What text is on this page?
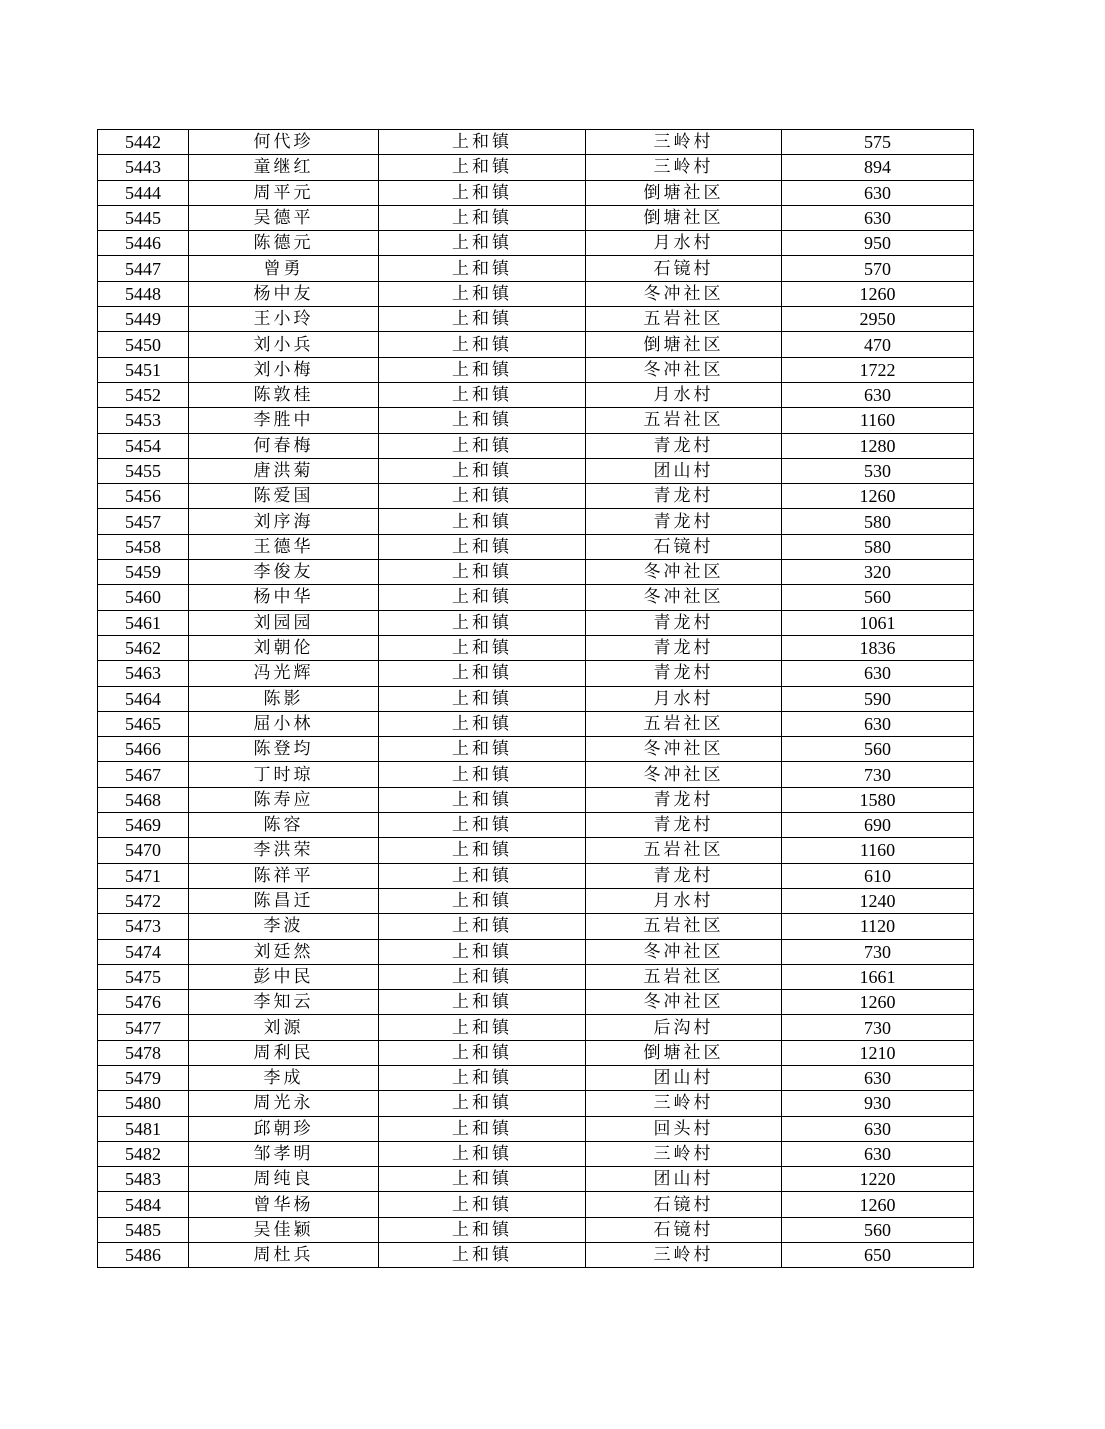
5442	何代珍	上和镇	三岭村	575
5443	童继红	上和镇	三岭村	894
5444	周平元	上和镇	倒塘社区	630
5445	吴德平	上和镇	倒塘社区	630
5446	陈德元	上和镇	月水村	950
5447	曾勇	上和镇	石镜村	570
5448	杨中友	上和镇	冬冲社区	1260
5449	王小玲	上和镇	五岩社区	2950
5450	刘小兵	上和镇	倒塘社区	470
5451	刘小梅	上和镇	冬冲社区	1722
5452	陈敦桂	上和镇	月水村	630
5453	李胜中	上和镇	五岩社区	1160
5454	何春梅	上和镇	青龙村	1280
5455	唐洪菊	上和镇	团山村	530
5456	陈爱国	上和镇	青龙村	1260
5457	刘序海	上和镇	青龙村	580
5458	王德华	上和镇	石镜村	580
5459	李俊友	上和镇	冬冲社区	320
5460	杨中华	上和镇	冬冲社区	560
5461	刘园园	上和镇	青龙村	1061
5462	刘朝伦	上和镇	青龙村	1836
5463	冯光辉	上和镇	青龙村	630
5464	陈影	上和镇	月水村	590
5465	屈小林	上和镇	五岩社区	630
5466	陈登均	上和镇	冬冲社区	560
5467	丁时琼	上和镇	冬冲社区	730
5468	陈寿应	上和镇	青龙村	1580
5469	陈容	上和镇	青龙村	690
5470	李洪荣	上和镇	五岩社区	1160
5471	陈祥平	上和镇	青龙村	610
5472	陈昌迁	上和镇	月水村	1240
5473	李波	上和镇	五岩社区	1120
5474	刘廷然	上和镇	冬冲社区	730
5475	彭中民	上和镇	五岩社区	1661
5476	李知云	上和镇	冬冲社区	1260
5477	刘源	上和镇	后沟村	730
5478	周利民	上和镇	倒塘社区	1210
5479	李成	上和镇	团山村	630
5480	周光永	上和镇	三岭村	930
5481	邱朝珍	上和镇	回头村	630
5482	邹孝明	上和镇	三岭村	630
5483	周纯良	上和镇	团山村	1220
5484	曾华杨	上和镇	石镜村	1260
5485	吴佳颖	上和镇	石镜村	560
5486	周杜兵	上和镇	三岭村	650
